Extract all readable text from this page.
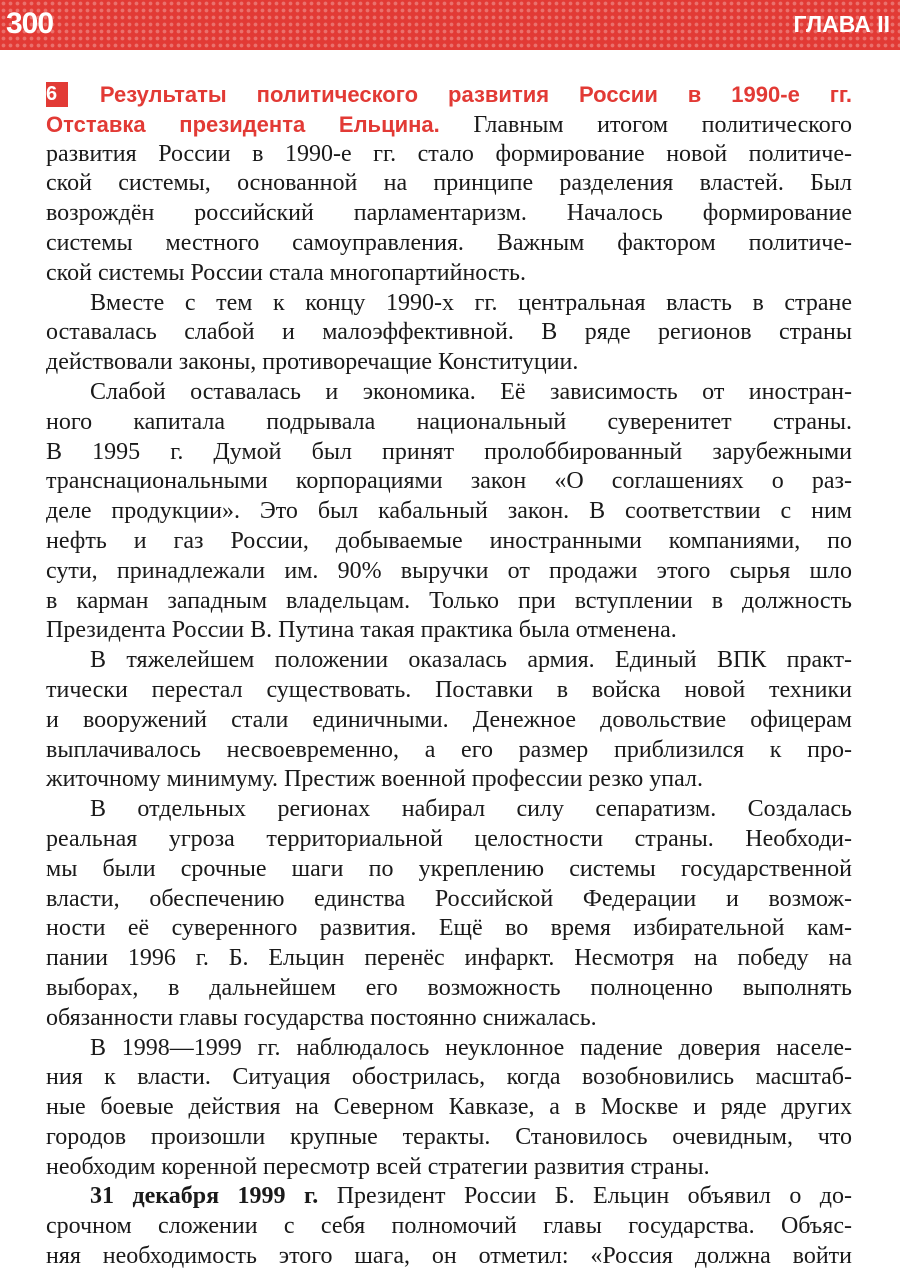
300	ГЛАВА II
6 Результаты политического развития России в 1990-е гг.
Отставка президента Ельцина. Главным итогом политического
развития России в 1990-е гг. стало формирование новой политиче-
ской системы, основанной на принципе разделения властей. Был
возрождён российский парламентаризм. Началось формирование
системы местного самоуправления. Важным фактором политиче-
ской системы России стала многопартийность.
Вместе с тем к концу 1990-х гг. центральная власть в стране
оставалась слабой и малоэффективной. В ряде регионов страны
действовали законы, противоречащие Конституции.
Слабой оставалась и экономика. Её зависимость от иностран-
ного капитала подрывала национальный суверенитет страны.
В 1995 г. Думой был принят пролоббированный зарубежными
транснациональными корпорациями закон «О соглашениях о раз-
деле продукции». Это был кабальный закон. В соответствии с ним
нефть и газ России, добываемые иностранными компаниями, по
сути, принадлежали им. 90% выручки от продажи этого сырья шло
в карман западным владельцам. Только при вступлении в должность
Президента России В. Путина такая практика была отменена.
В тяжелейшем положении оказалась армия. Единый ВПК практ-
тически перестал существовать. Поставки в войска новой техники
и вооружений стали единичными. Денежное довольствие офицерам
выплачивалось несвоевременно, а его размер приблизился к про-
житочному минимуму. Престиж военной профессии резко упал.
В отдельных регионах набирал силу сепаратизм. Создалась
реальная угроза территориальной целостности страны. Необходи-
мы были срочные шаги по укреплению системы государственной
власти, обеспечению единства Российской Федерации и возмож-
ности её суверенного развития. Ещё во время избирательной кам-
пании 1996 г. Б. Ельцин перенёс инфаркт. Несмотря на победу на
выборах, в дальнейшем его возможность полноценно выполнять
обязанности главы государства постоянно снижалась.
В 1998—1999 гг. наблюдалось неуклонное падение доверия населе-
ния к власти. Ситуация обострилась, когда возобновились масштаб-
ные боевые действия на Северном Кавказе, а в Москве и ряде других
городов произошли крупные теракты. Становилось очевидным, что
необходим коренной пересмотр всей стратегии развития страны.
31 декабря 1999 г. Президент России Б. Ельцин объявил о до-
срочном сложении с себя полномочий главы государства. Объяс-
няя необходимость этого шага, он отметил: «Россия должна войти
